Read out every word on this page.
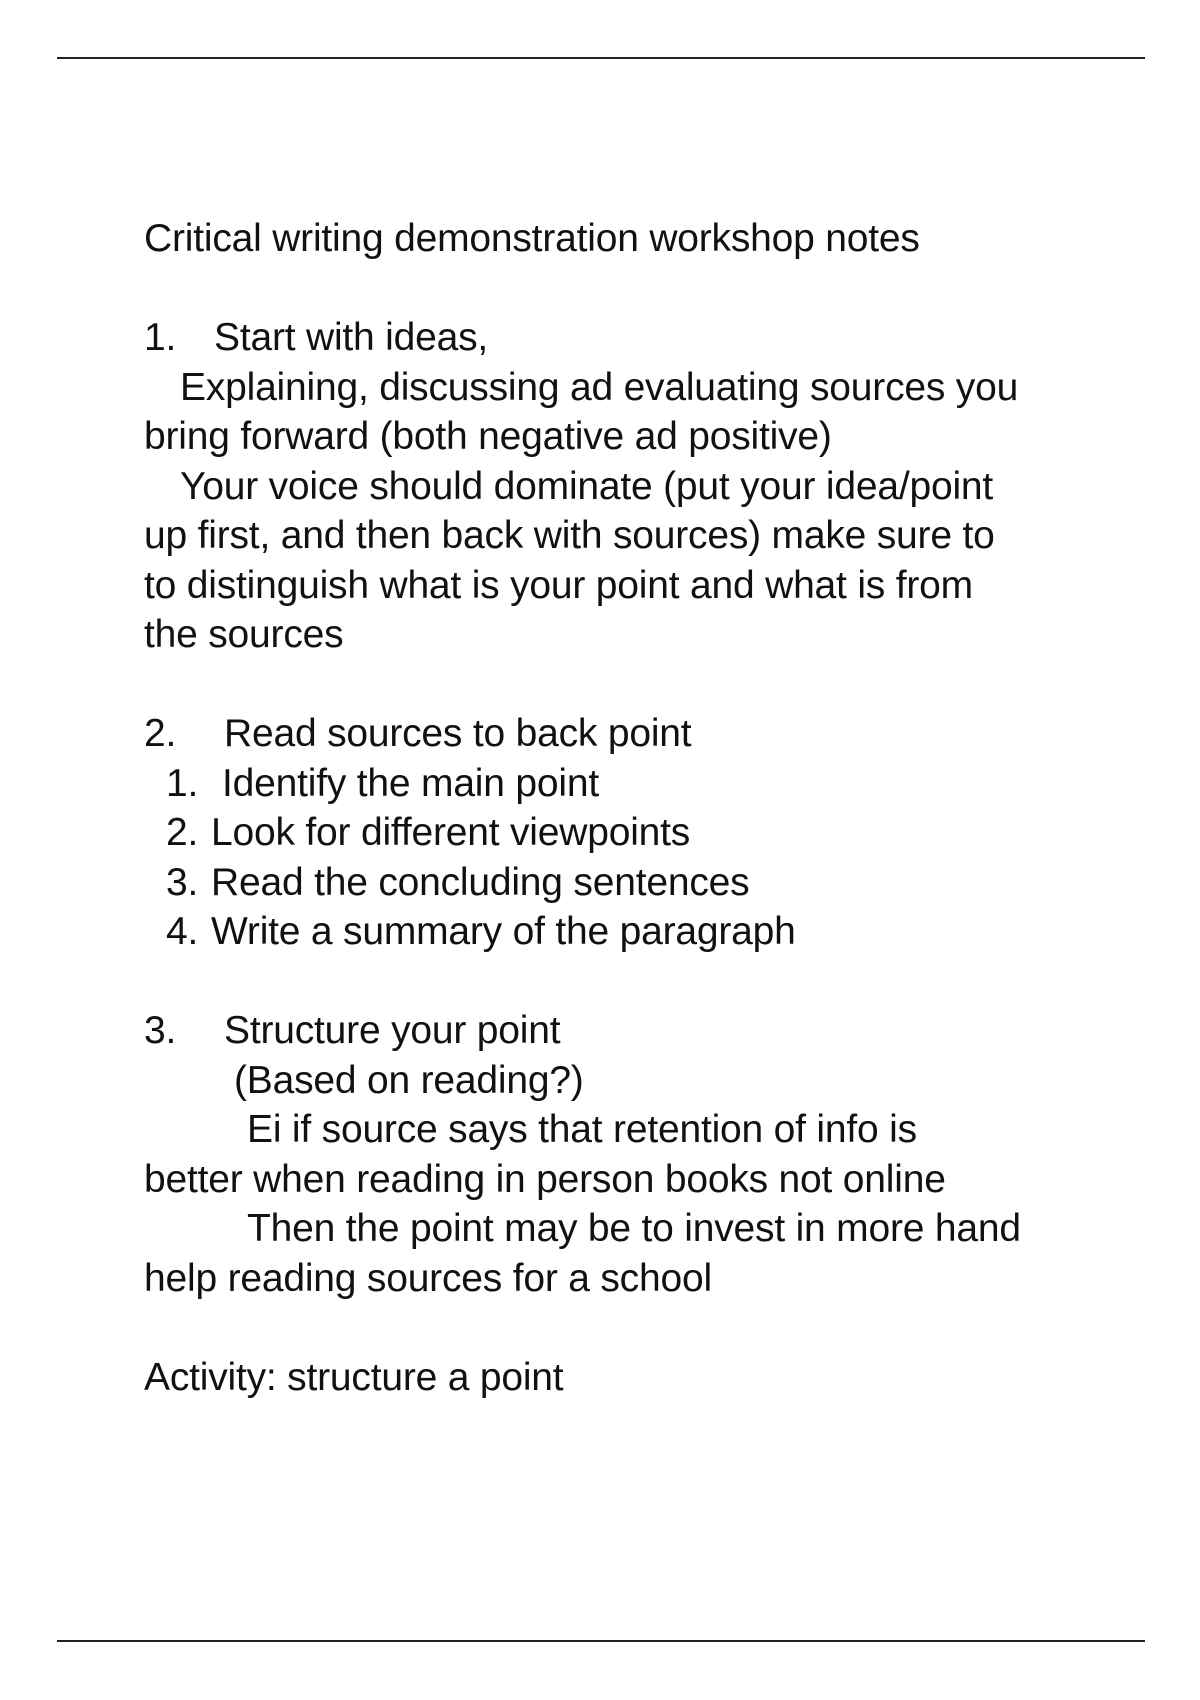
Critical writing demonstration workshop notes
1. Start with ideas,
Explaining, discussing ad evaluating sources you
bring forward (both negative ad positive)
Your voice should dominate (put your idea/point
up first, and then back with sources) make sure to
to distinguish what is your point and what is from
the sources
2. Read sources to back point
1. Identify the main point
2. Look for different viewpoints
3. Read the concluding sentences
4. Write a summary of the paragraph
3. Structure your point
(Based on reading?)
Ei if source says that retention of info is
better when reading in person books not online
Then the point may be to invest in more hand
help reading sources for a school
Activity: structure a point
